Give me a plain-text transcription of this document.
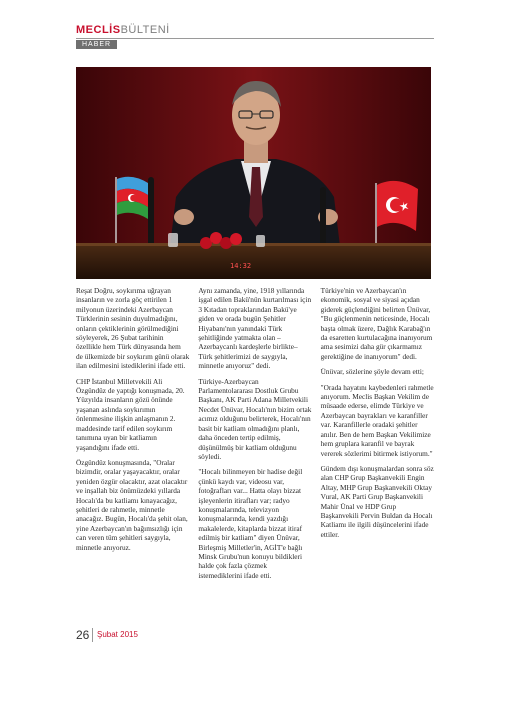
MECLİSBÜLTENİ
HABER
14:32

Reşat Doğru, soykırıma uğrayan insanların ve zorla göç ettirilen 1 milyonun üzerindeki Azerbaycan Türklerinin sesinin duyulmadığını, onların çektiklerinin görülmediğini söyleyerek, 26 Şubat tarihinin özellikle hem Türk dünyasında hem de ülkemizde bir soykırım günü olarak ilan edilmesini istediklerini ifade etti.

CHP İstanbul Milletvekili Ali Özgündüz de yaptığı konuşmada, 20. Yüzyılda insanların gözü önünde yaşanan aslında soykırımın önlenmesine ilişkin anlaşmanın 2. maddesinde tarif edilen soykırım tanımına uyan bir katliamın yaşandığını ifade etti.

Özgündüz konuşmasında, "Oralar bizimdir, oralar yaşayacaktır, oralar yeniden özgür olacaktır, azat olacaktır ve inşallah biz önümüzdeki yıllarda Hocalı'da bu katliamı kınayacağız, şehitleri de rahmetle, minnetle anacağız. Bugün, Hocalı'da şehit olan, yine Azerbaycan'ın bağımsızlığı için can veren tüm şehitleri saygıyla, minnetle anıyoruz.

Aynı zamanda, yine, 1918 yıllarında işgal edilen Bakü'nün kurtarılması için 3 Kıtadan topraklarından Bakü'ye giden ve orada bugün Şehitler Hiyabanı'nın yanındaki Türk şehitliğinde yatmakta olan –Azerbaycanlı kardeşlerle birlikte– Türk şehitlerimizi de saygıyla, minnetle anıyoruz" dedi.

Türkiye-Azerbaycan Parlamentolararası Dostluk Grubu Başkanı, AK Parti Adana Milletvekili Necdet Ünüvar, Hocalı'nın bizim ortak acımız olduğunu belirterek, Hocalı'nın basit bir katliam olmadığını planlı, daha önceden tertip edilmiş, düşünülmüş bir katliam olduğunu söyledi.

"Hocalı bilinmeyen bir hadise değil çünkü kaydı var, videosu var, fotoğrafları var... Hatta olayı bizzat işleyenlerin itirafları var; radyo konuşmalarında, televizyon konuşmalarında, kendi yazdığı makalelerde, kitaplarda bizzat itiraf edilmiş bir katliam" diyen Ünüvar, Birleşmiş Milletler'in, AGİT'e bağlı Minsk Grubu'nun konuyu bildikleri halde çok fazla çözmek istemediklerini ifade etti.

Türkiye'nin ve Azerbaycan'ın ekonomik, sosyal ve siyasi açıdan giderek güçlendiğini belirten Ünüvar, "Bu güçlenmenin neticesinde, Hocalı başta olmak üzere, Dağlık Karabağ'ın da esaretten kurtulacağına inanıyorum ama sesimizi daha gür çıkarmamız gerektiğine de inanıyorum" dedi.

Ünüvar, sözlerine şöyle devam etti;

"Orada hayatını kaybedenleri rahmetle anıyorum. Meclis Başkan Vekilim de müsaade ederse, elimde Türkiye ve Azerbaycan bayrakları ve karanfiller var. Karanfillerle oradaki şehitler anılır. Ben de hem Başkan Vekilimize hem gruplara karanfil ve bayrak vererek sözlerimi bitirmek istiyorum."

Gündem dışı konuşmalardan sonra söz alan CHP Grup Başkanvekili Engin Altay, MHP Grup Başkanvekili Oktay Vural, AK Parti Grup Başkanvekili Mahir Ünal ve HDP Grup Başkanvekili Pervin Buldan da Hocalı Katliamı ile ilgili düşüncelerini ifade ettiler.

26 Şubat 2015
